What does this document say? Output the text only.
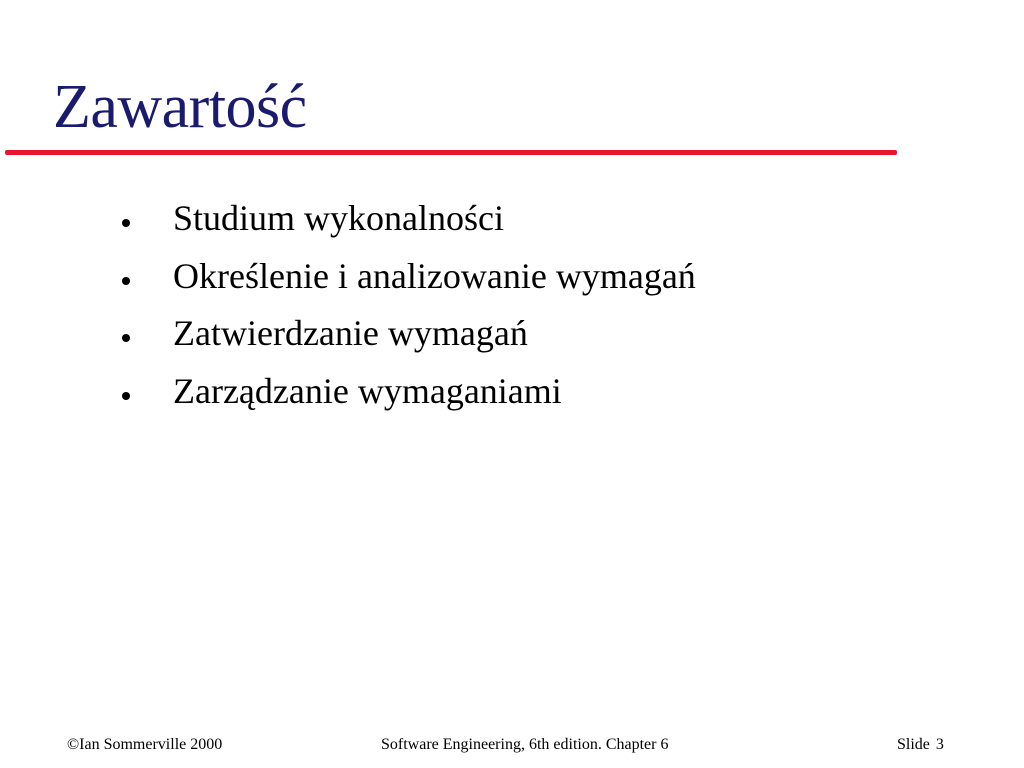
Zawartość
Studium wykonalności
Określenie i analizowanie wymagań
Zatwierdzanie wymagań
Zarządzanie wymaganiami
©Ian Sommerville 2000	Software Engineering, 6th edition. Chapter 6	Slide 3
